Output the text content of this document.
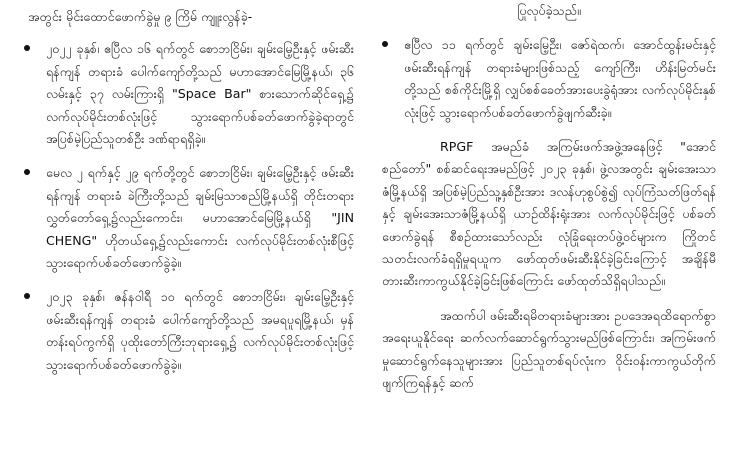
အတွင်း မိုင်းထောင်ဖောက်ခွဲမှု ၉ ကြိမ် ကျူးလွန်ခဲ့-

၂၀၂၂ ခုနှစ်၊ ဧပြီလ ၁၆ ရက်တွင် စောဘငြိမ်း၊ ချမ်းမြေ့ဦးနှင့် ဖမ်းဆီးရန်ကျန် တရားခံ ပေါက်ကျော်တို့သည် မဟာအောင်မြေမြို့နယ်၊ ၃၆ လမ်းနှင့် ၃၇ လမ်းကြားရှိ "Space Bar" စားသောက်ဆိုင်ရှေ့၌ လက်လုပ်မိုင်းတစ်လုံးဖြင့် သွားရောက်ပစ်ခတ်ဖောက်ခွဲခဲ့ရာတွင် အပြစ်မဲ့ပြည်သူတစ်ဦး ဒဏ်ရာရရှိခဲ့။
မေလ ၂ ရက်နှင့် ၂၉ ရက်တို့တွင် စောဘငြိမ်း၊ ချမ်းမြေ့ဦးနှင့် ဖမ်းဆီးရန်ကျန် တရားခံ ခဲကြီးတို့သည် ချမ်းမြသာစည်မြို့နယ်ရှိ တိုင်းတရားလွှတ်တော်ရှေ့၌လည်းကောင်း၊ မဟာအောင်မြေမြို့နယ်ရှိ "JIN CHENG" ဟိုတယ်ရှေ့၌လည်းကောင်း လက်လုပ်မိုင်းတစ်လုံးစီဖြင့် သွားရောက်ပစ်ခတ်ဖောက်ခွဲခဲ့။
၂၀၂၃ ခုနှစ်၊ ဇန်နဝါရီ ၁၀ ရက်တွင် စောဘငြိမ်း၊ ချမ်းမြေ့ဦးနှင့် ဖမ်းဆီးရန်ကျန် တရားခံ ပေါက်ကျော်တို့သည် အမရပူရမြို့နယ်၊ မှန်တန်းရပ်ကွက်ရှိ ပုထိုးတော်ကြီးဘုရားရှေ့၌ လက်လုပ်မိုင်းတစ်လုံးဖြင့် သွားရောက်ပစ်ခတ်ဖောက်ခွဲခဲ့။

ပြုလုပ်ခဲ့သည်။

ဧပြီလ ၁၁ ရက်တွင် ချမ်းမြေ့ဦး၊ ဇော်ရဲထက်၊ အောင်ထွန်းမင်းနှင့် ဖမ်းဆီးရန်ကျန် တရားခံများဖြစ်သည့် ကျော်ကြီး၊ ဟိန်းမြတ်မင်းတို့သည် စစ်ကိုင်းမြို့ရှိ လျှပ်စစ်ခေတ်အားပေးခွဲရုံအား လက်လုပ်မိုင်းနှစ်လုံးဖြင့် သွားရောက်ပစ်ခတ်ဖောက်ခွဲဖျက်ဆီးခဲ့။

RPGF အမည်ခံ အကြမ်းဖက်အဖွဲ့အနေဖြင့် "အောင်စည်တော်" စစ်ဆင်ရေးအမည်ဖြင့် ၂၀၂၃ ခုနှစ်၊ ဖွဲ့လအတွင်း ချမ်းအေးသာဇံမြို့နယ်ရှိ အပြစ်မဲ့ပြည်သူ့နှစ်ဦးအား ဒလန်ဟုစွပ်စွဲ၍ လုပ်ကြံသတ်ဖြတ်ရန်နှင့် ချမ်းအေးသာဇံမြို့နယ်ရှိ ယာဉ်ထိန်းရုံးအား လက်လုပ်မိုင်းဖြင့် ပစ်ခတ်ဖောက်ခွဲရန် စီစဉ်ထားသော်လည်း လုံခြုံရေးတပ်ဖွဲ့ဝင်များက ကြိုတင်သတင်းလက်ခံရရှိမှုရယူက ဖော်ထုတ်ဖမ်းဆီးနိုင်ခဲ့ခြင်းကြောင့် အချိန်မီတားဆီးကာကွယ်နိုင်ခဲ့ခြင်းဖြစ်ကြောင်း ဖော်ထုတ်သိရှိရပါသည်။

အထက်ပါ ဖမ်းဆီးရမိတရားခံများအား ဥပဒေအရထိရောက်စွာအရေးယူနိုင်ရေး ဆက်လက်ဆောင်ရွက်သွားမည်ဖြစ်ကြောင်း၊ အကြမ်းဖက်မှုဆောင်ရွက်နေသူများအား ပြည်သူတစ်ရပ်လုံးက ဝိုင်းဝန်းကာကွယ်တိုက်ဖျက်ကြရန်နှင့် ဆက်
